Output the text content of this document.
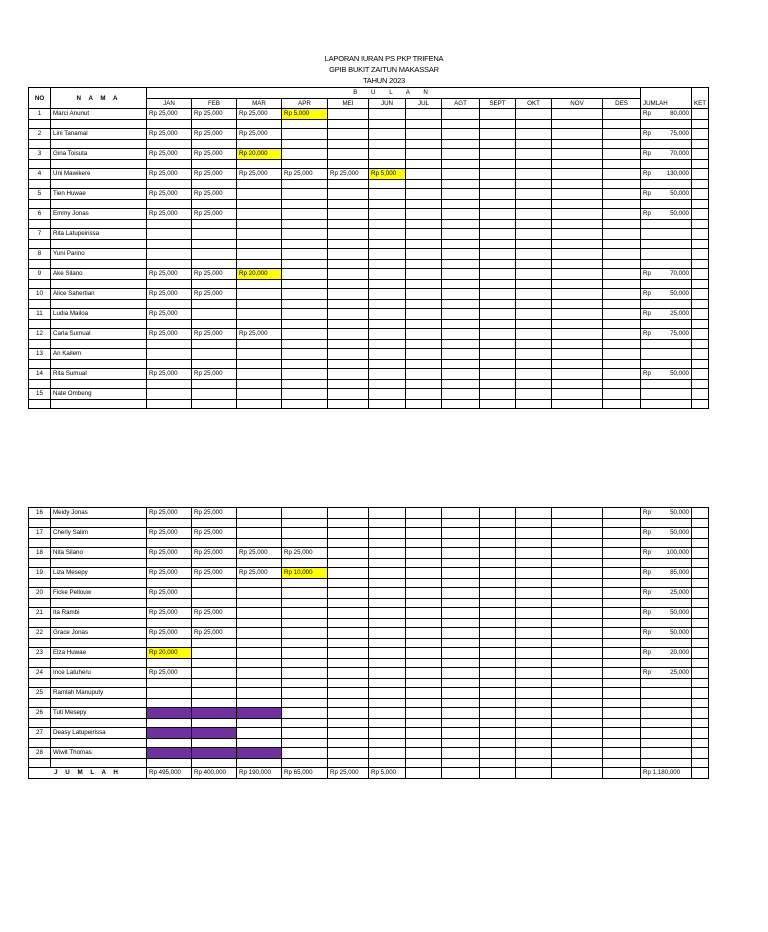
LAPORAN IURAN PS PKP TRIFENA
GPIB BUKIT ZAITUN MAKASSAR
TAHUN 2023
NO	N A M A	B U L A N													
		JAN	FEB	MAR	APR	MEI	JUN	JUL	AGT	SEPT	OKT	NOV	DES	JUMLAH	KET
1	Marci Anunut	Rp 25,000	Rp 25,000	Rp 25,000	Rp 5,000									Rp 80,000	

2	Lini Tanamal	Rp 25,000	Rp 25,000	Rp 25,000										Rp 75,000	

3	Gina Toisuta	Rp 25,000	Rp 25,000	Rp 20,000										Rp 70,000	

4	Uni Mawikere	Rp 25,000	Rp 25,000	Rp 25,000	Rp 25,000	Rp 25,000	Rp 5,000							Rp 130,000	

5	Tien Huwae	Rp 25,000	Rp 25,000											Rp 50,000	

6	Emmy Jonas	Rp 25,000	Rp 25,000											Rp 50,000	

7	Rita Latupeirissa														

8	Yuni Parino														

9	Ake Silano	Rp 25,000	Rp 25,000	Rp 20,000										Rp 70,000	

10	Alice Sahertian	Rp 25,000	Rp 25,000											Rp 50,000	

11	Ludia Mailoa	Rp 25,000												Rp 25,000	

12	Carla Sumual	Rp 25,000	Rp 25,000	Rp 25,000										Rp 75,000	

13	An Kailem														

14	Rita Sumual	Rp 25,000	Rp 25,000											Rp 50,000	

15	Nate Ombeng														

16	Meidy Jonas	Rp 25,000	Rp 25,000											Rp 50,000	

17	Cherly Salim	Rp 25,000	Rp 25,000											Rp 50,000	

18	Nita Silano	Rp 25,000	Rp 25,000	Rp 25,000	Rp 25,000									Rp 100,000	

19	Liza Mesepy	Rp 25,000	Rp 25,000	Rp 25,000	Rp 10,000									Rp 85,000	

20	Ficke Pellouw	Rp 25,000												Rp 25,000	

21	Ita Rambi	Rp 25,000	Rp 25,000											Rp 50,000	

22	Grace Jonas	Rp 25,000	Rp 25,000											Rp 50,000	

23	Elza Huwae	Rp 20,000												Rp 20,000	

24	Ince Latuheru	Rp 25,000												Rp 25,000	

25	Ramlah Manuputy														

26	Tuti Mesepy														

27	Deasy Latupeirissa														

28	Wiwit Thomas														

J U M L A H		Rp 495,000	Rp 400,000	Rp 190,000	Rp 65,000	Rp 25,000	Rp 5,000							Rp 1,180,000	
